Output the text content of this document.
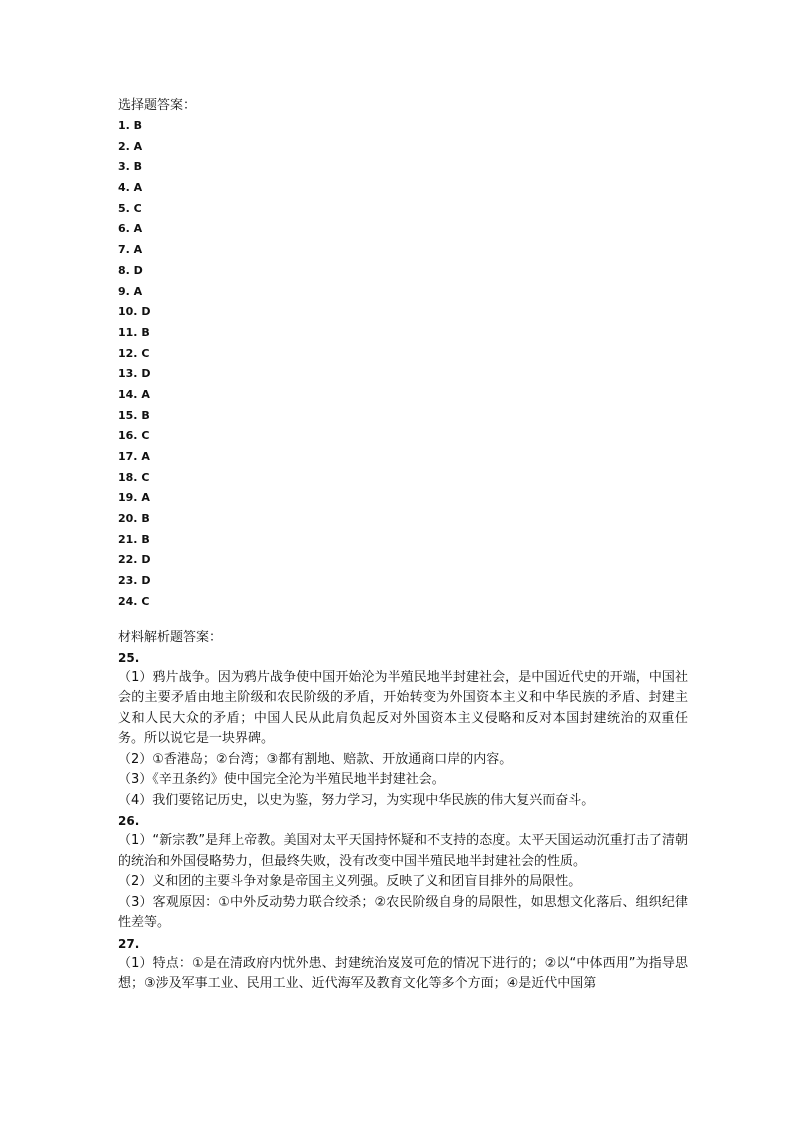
选择题答案：
1. B
2. A
3. B
4. A
5. C
6. A
7. A
8. D
9. A
10. D
11. B
12. C
13. D
14. A
15. B
16. C
17. A
18. C
19. A
20. B
21. B
22. D
23. D
24. C
材料解析题答案：
25.

（1）鸦片战争。因为鸦片战争使中国开始沦为半殖民地半封建社会，是中国近代史的开端，中国社会的主要矛盾由地主阶级和农民阶级的矛盾，开始转变为外国资本主义和中华民族的矛盾、封建主义和人民大众的矛盾；中国人民从此肩负起反对外国资本主义侵略和反对本国封建统治的双重任务。所以说它是一块界碑。

（2）①香港岛；②台湾；③都有割地、赔款、开放通商口岸的内容。

（3）《辛丑条约》使中国完全沦为半殖民地半封建社会。

（4）我们要铭记历史，以史为鉴，努力学习，为实现中华民族的伟大复兴而奋斗。

26.

（1）“新宗教”是拜上帝教。美国对太平天国持怀疑和不支持的态度。太平天国运动沉重打击了清朝的统治和外国侵略势力，但最终失败，没有改变中国半殖民地半封建社会的性质。

（2）义和团的主要斗争对象是帝国主义列强。反映了义和团盲目排外的局限性。

（3）客观原因：①中外反动势力联合绞杀；②农民阶级自身的局限性，如思想文化落后、组织纪律性差等。

27.

（1）特点：①是在清政府内忧外患、封建统治岌岌可危的情况下进行的；②以“中体西用”为指导思想；③涉及军事工业、民用工业、近代海军及教育文化等多个方面；④是近代中国第
